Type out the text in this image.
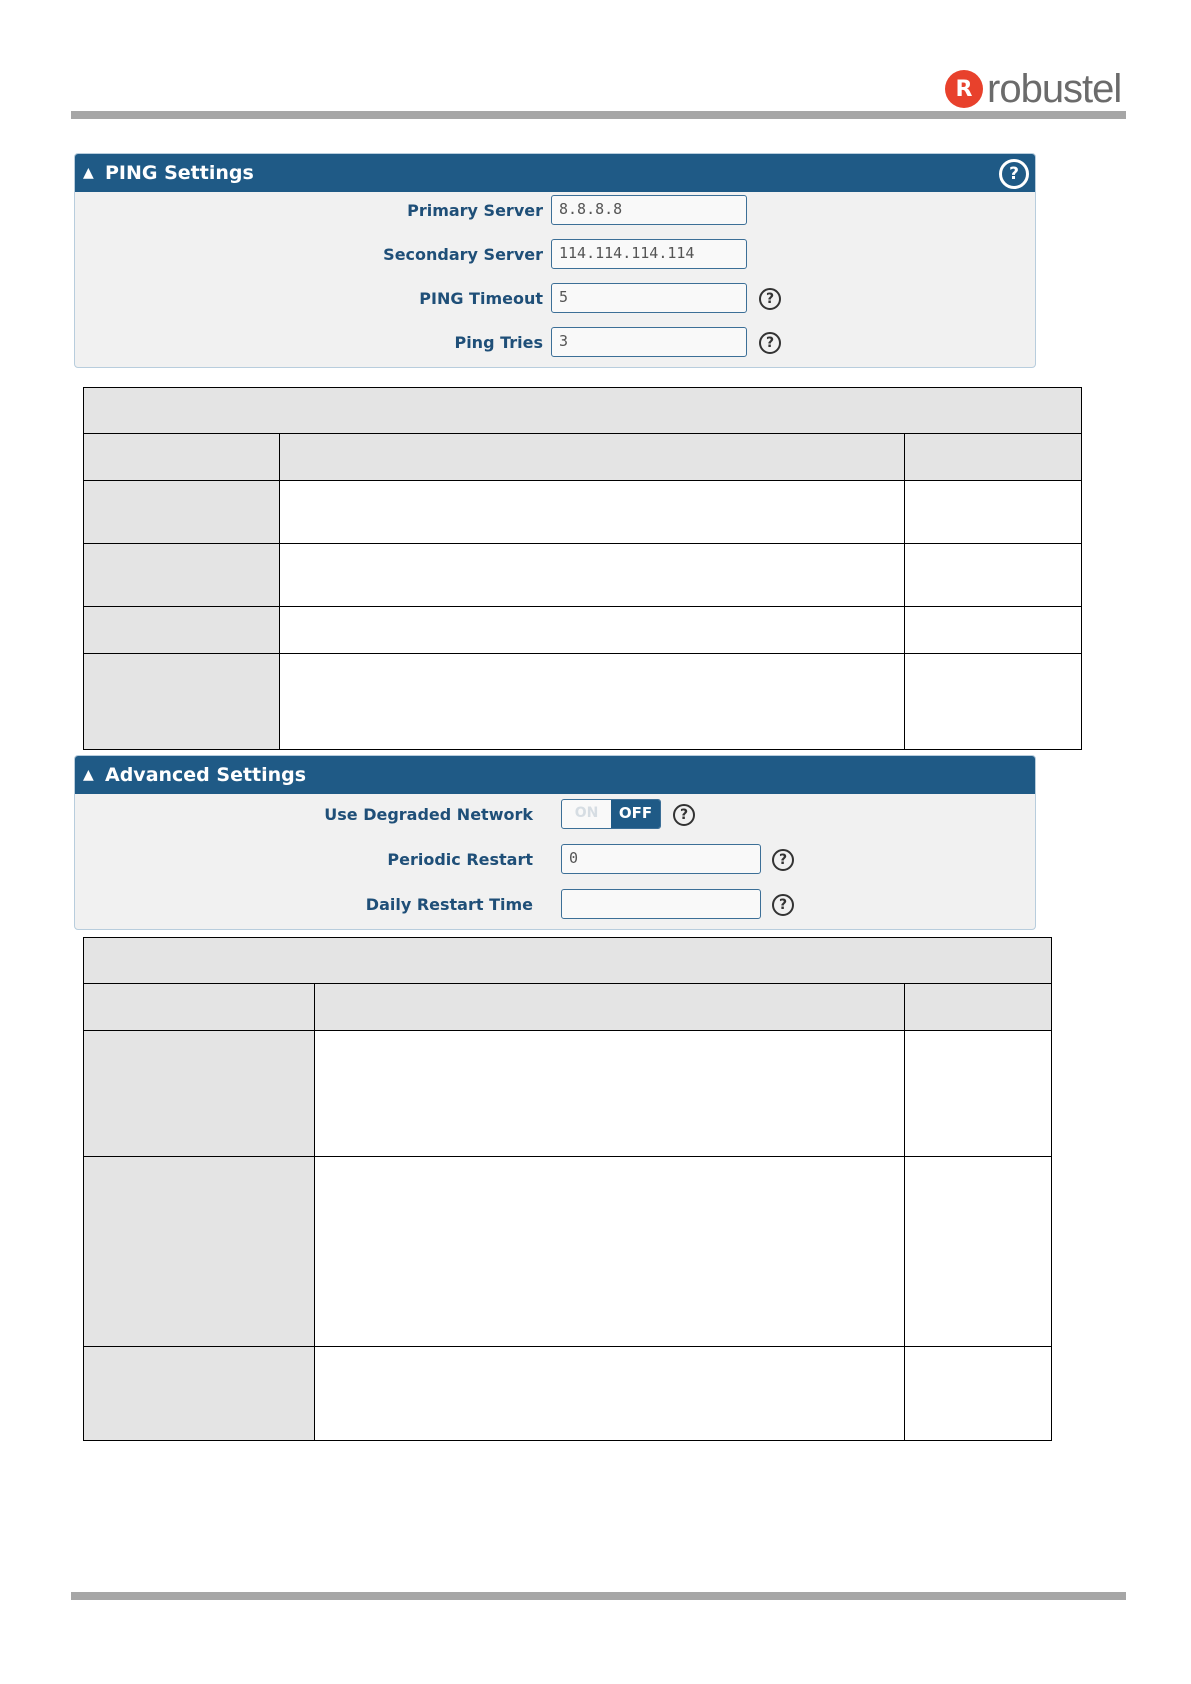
R robustel
▲ PING Settings	?
Primary Server	8.8.8.8
Secondary Server	114.114.114.114
PING Timeout	5	?
Ping Tries	3	?

▲ Advanced Settings
Use Degraded Network	ON	OFF	?
Periodic Restart	0	?
Daily Restart Time	?
